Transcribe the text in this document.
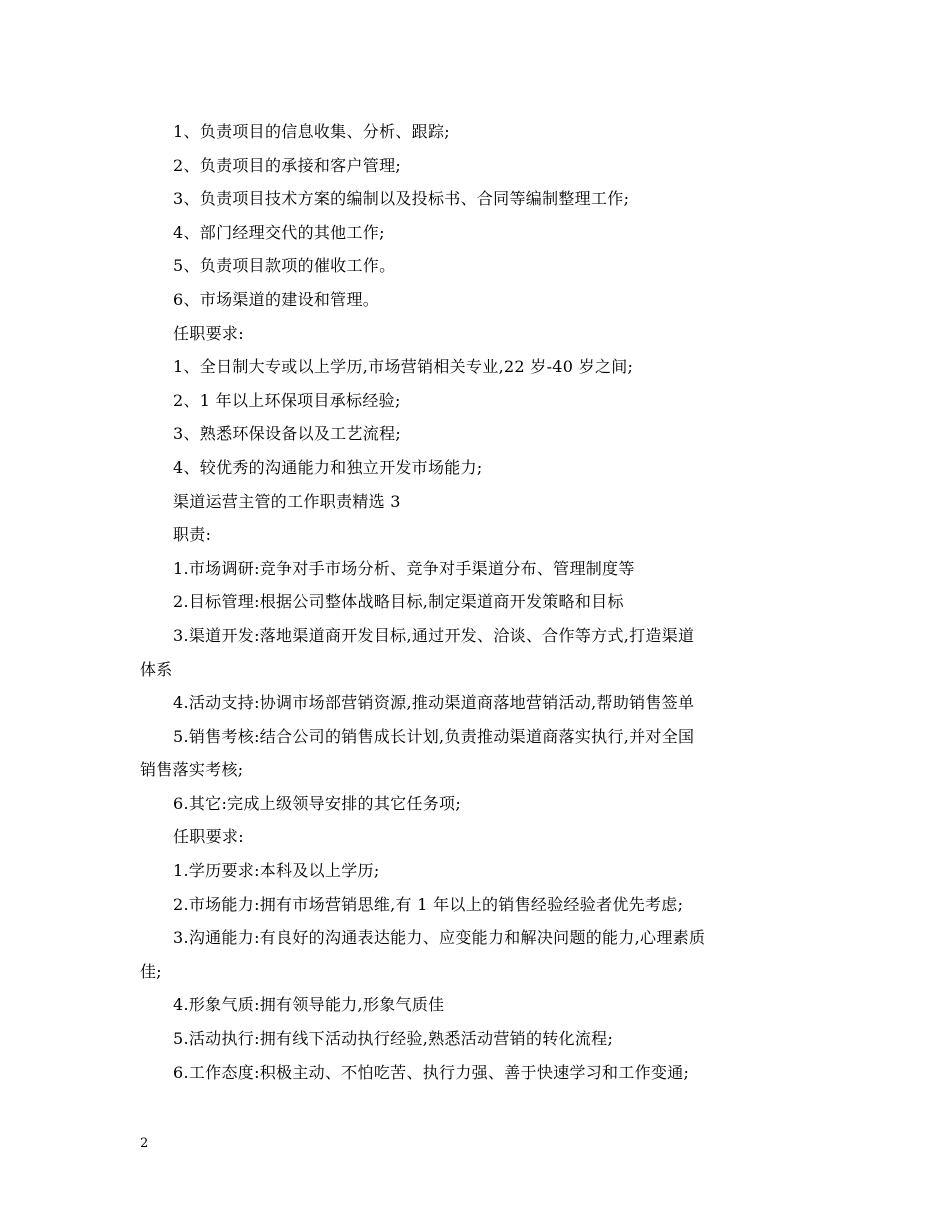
1、负责项目的信息收集、分析、跟踪;
2、负责项目的承接和客户管理;
3、负责项目技术方案的编制以及投标书、合同等编制整理工作;
4、部门经理交代的其他工作;
5、负责项目款项的催收工作。
6、市场渠道的建设和管理。
任职要求:
1、全日制大专或以上学历,市场营销相关专业,22 岁-40 岁之间;
2、1 年以上环保项目承标经验;
3、熟悉环保设备以及工艺流程;
4、较优秀的沟通能力和独立开发市场能力;
渠道运营主管的工作职责精选 3
职责:
1.市场调研:竞争对手市场分析、竞争对手渠道分布、管理制度等
2.目标管理:根据公司整体战略目标,制定渠道商开发策略和目标
3.渠道开发:落地渠道商开发目标,通过开发、洽谈、合作等方式,打造渠道
体系
4.活动支持:协调市场部营销资源,推动渠道商落地营销活动,帮助销售签单
5.销售考核:结合公司的销售成长计划,负责推动渠道商落实执行,并对全国
销售落实考核;
6.其它:完成上级领导安排的其它任务项;
任职要求:
1.学历要求:本科及以上学历;
2.市场能力:拥有市场营销思维,有 1 年以上的销售经验经验者优先考虑;
3.沟通能力:有良好的沟通表达能力、应变能力和解决问题的能力,心理素质
佳;
4.形象气质:拥有领导能力,形象气质佳
5.活动执行:拥有线下活动执行经验,熟悉活动营销的转化流程;
6.工作态度:积极主动、不怕吃苦、执行力强、善于快速学习和工作变通;
2
